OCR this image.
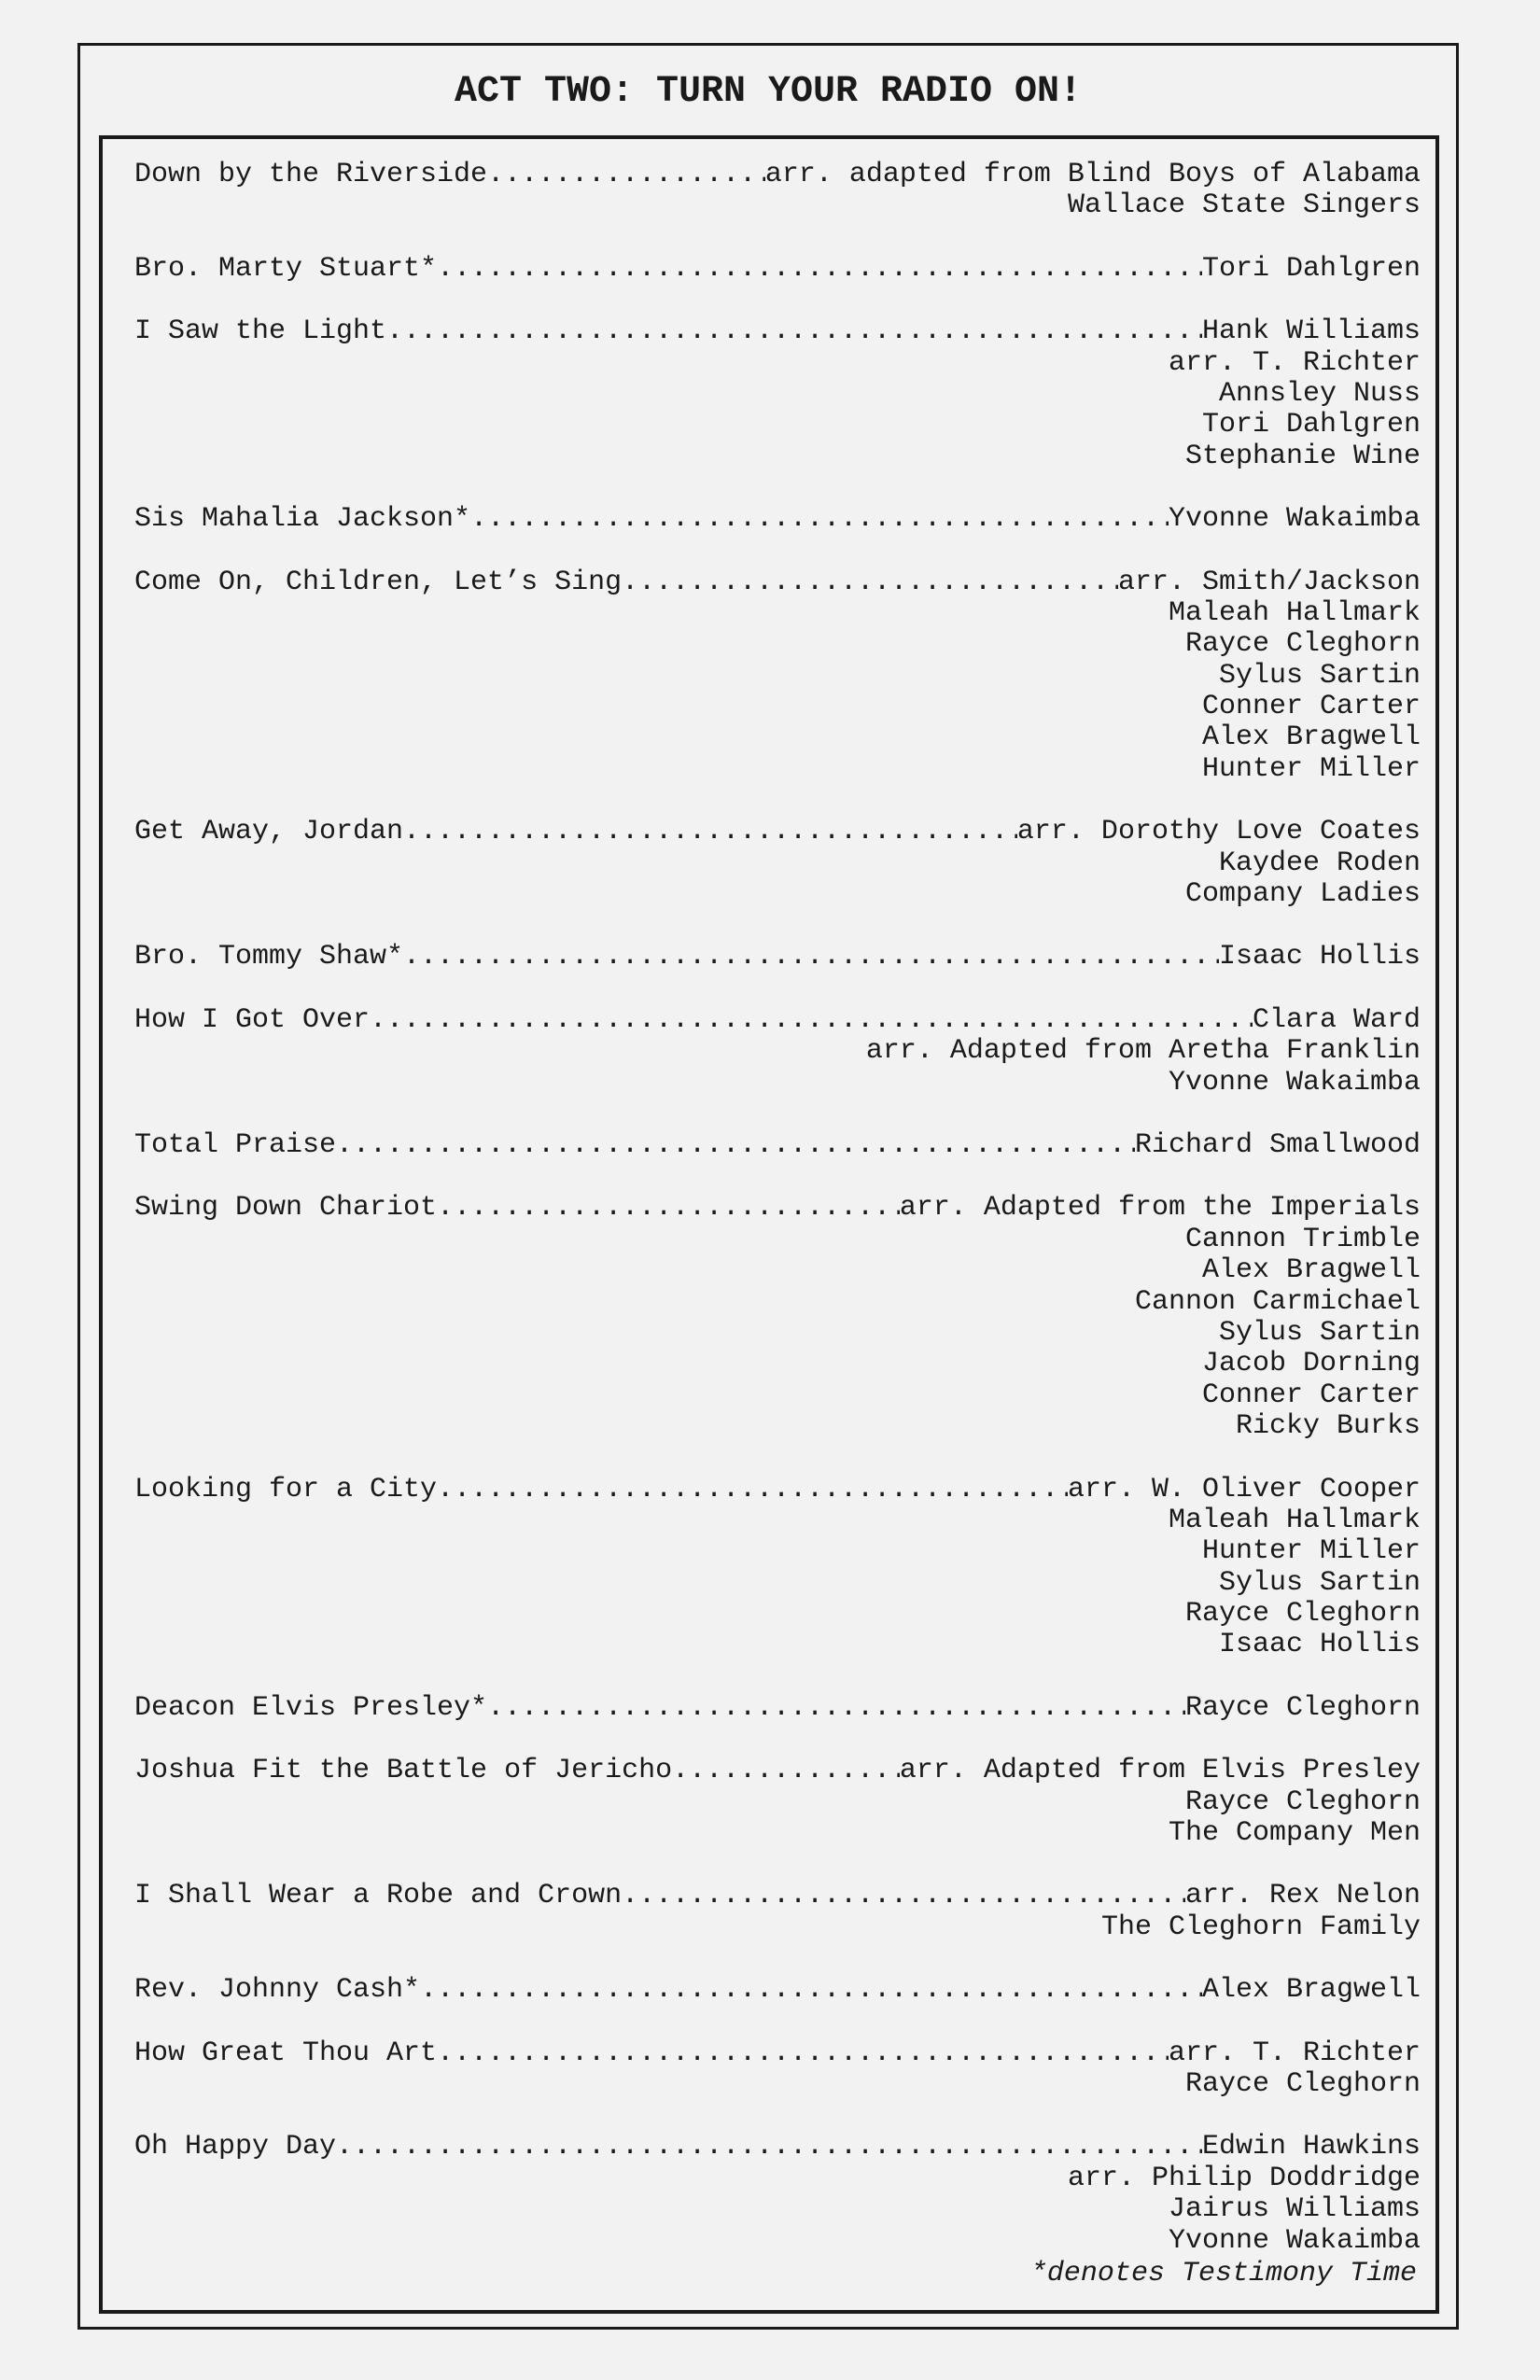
ACT TWO: TURN YOUR RADIO ON!
Down by the Riverside .....	arr. adapted from Blind Boys of Alabama
Wallace State Singers
Bro. Marty Stuart* .....	Tori Dahlgren
I Saw the Light .....	Hank Williams
arr. T. Richter
Annsley Nuss
Tori Dahlgren
Stephanie Wine
Sis Mahalia Jackson* .....	Yvonne Wakaimba
Come On, Children, Let’s Sing .....	arr. Smith/Jackson
Maleah Hallmark
Rayce Cleghorn
Sylus Sartin
Conner Carter
Alex Bragwell
Hunter Miller
Get Away, Jordan .....	arr. Dorothy Love Coates
Kaydee Roden
Company Ladies
Bro. Tommy Shaw* .....	Isaac Hollis
How I Got Over .....	Clara Ward
arr. Adapted from Aretha Franklin
Yvonne Wakaimba
Total Praise .....	Richard Smallwood
Swing Down Chariot .....	arr. Adapted from the Imperials
Cannon Trimble
Alex Bragwell
Cannon Carmichael
Sylus Sartin
Jacob Dorning
Conner Carter
Ricky Burks
Looking for a City .....	arr. W. Oliver Cooper
Maleah Hallmark
Hunter Miller
Sylus Sartin
Rayce Cleghorn
Isaac Hollis
Deacon Elvis Presley* .....	Rayce Cleghorn
Joshua Fit the Battle of Jericho .....	arr. Adapted from Elvis Presley
Rayce Cleghorn
The Company Men
I Shall Wear a Robe and Crown .....	arr. Rex Nelon
The Cleghorn Family
Rev. Johnny Cash* .....	Alex Bragwell
How Great Thou Art .....	arr. T. Richter
Rayce Cleghorn
Oh Happy Day .....	Edwin Hawkins
arr. Philip Doddridge
Jairus Williams
Yvonne Wakaimba
*denotes Testimony Time
